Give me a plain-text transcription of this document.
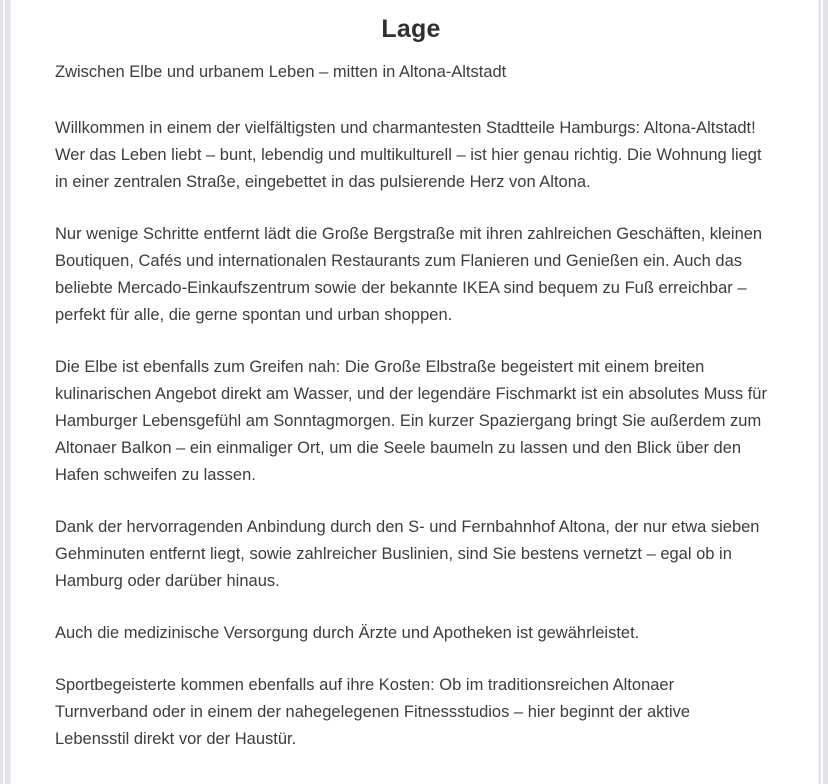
Lage

Zwischen Elbe und urbanem Leben – mitten in Altona-Altstadt

Willkommen in einem der vielfältigsten und charmantesten Stadtteile Hamburgs: Altona-Altstadt! Wer das Leben liebt – bunt, lebendig und multikulturell – ist hier genau richtig. Die Wohnung liegt in einer zentralen Straße, eingebettet in das pulsierende Herz von Altona.

Nur wenige Schritte entfernt lädt die Große Bergstraße mit ihren zahlreichen Geschäften, kleinen Boutiquen, Cafés und internationalen Restaurants zum Flanieren und Genießen ein. Auch das beliebte Mercado-Einkaufszentrum sowie der bekannte IKEA sind bequem zu Fuß erreichbar – perfekt für alle, die gerne spontan und urban shoppen.

Die Elbe ist ebenfalls zum Greifen nah: Die Große Elbstraße begeistert mit einem breiten kulinarischen Angebot direkt am Wasser, und der legendäre Fischmarkt ist ein absolutes Muss für Hamburger Lebensgefühl am Sonntagmorgen. Ein kurzer Spaziergang bringt Sie außerdem zum Altonaer Balkon – ein einmaliger Ort, um die Seele baumeln zu lassen und den Blick über den Hafen schweifen zu lassen.

Dank der hervorragenden Anbindung durch den S- und Fernbahnhof Altona, der nur etwa sieben Gehminuten entfernt liegt, sowie zahlreicher Buslinien, sind Sie bestens vernetzt – egal ob in Hamburg oder darüber hinaus.

Auch die medizinische Versorgung durch Ärzte und Apotheken ist gewährleistet.

Sportbegeisterte kommen ebenfalls auf ihre Kosten: Ob im traditionsreichen Altonaer Turnverband oder in einem der nahegelegenen Fitnessstudios – hier beginnt der aktive Lebensstil direkt vor der Haustür.
